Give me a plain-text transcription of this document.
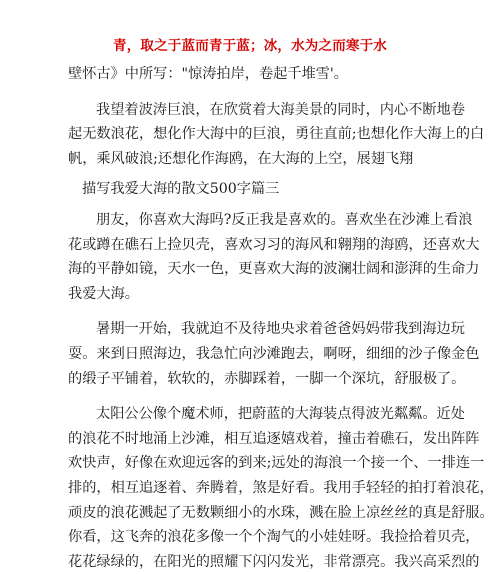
青，取之于蓝而青于蓝；冰，水为之而寒于水
壁怀古》中所写："惊涛拍岸，卷起千堆雪'。
我望着波涛巨浪，在欣赏着大海美景的同时，内心不断地卷
起无数浪花，想化作大海中的巨浪，勇往直前;也想化作大海上的白
帆，乘风破浪;还想化作海鸥，在大海的上空，展翅飞翔
描写我爱大海的散文500字篇三
朋友，你喜欢大海吗?反正我是喜欢的。喜欢坐在沙滩上看浪
花或蹲在礁石上捡贝壳，喜欢习习的海风和翱翔的海鸥，还喜欢大
海的平静如镜，天水一色，更喜欢大海的波澜壮阔和澎湃的生命力
我爱大海。
暑期一开始，我就迫不及待地央求着爸爸妈妈带我到海边玩
耍。来到日照海边，我急忙向沙滩跑去，啊呀，细细的沙子像金色
的缎子平铺着，软软的，赤脚踩着，一脚一个深坑，舒服极了。
太阳公公像个魔术师，把蔚蓝的大海装点得波光粼粼。近处
的浪花不时地涌上沙滩，相互追逐嬉戏着，撞击着礁石，发出阵阵
欢快声，好像在欢迎远客的到来;远处的海浪一个接一个、一排连一
排的，相互追逐着、奔腾着，煞是好看。我用手轻轻的拍打着浪花，
顽皮的浪花溅起了无数颗细小的水珠，溅在脸上凉丝丝的真是舒服。
你看，这飞奔的浪花多像一个个淘气的小娃娃呀。我捡拾着贝壳，
花花绿绿的，在阳光的照耀下闪闪发光，非常漂亮。我兴高采烈的
